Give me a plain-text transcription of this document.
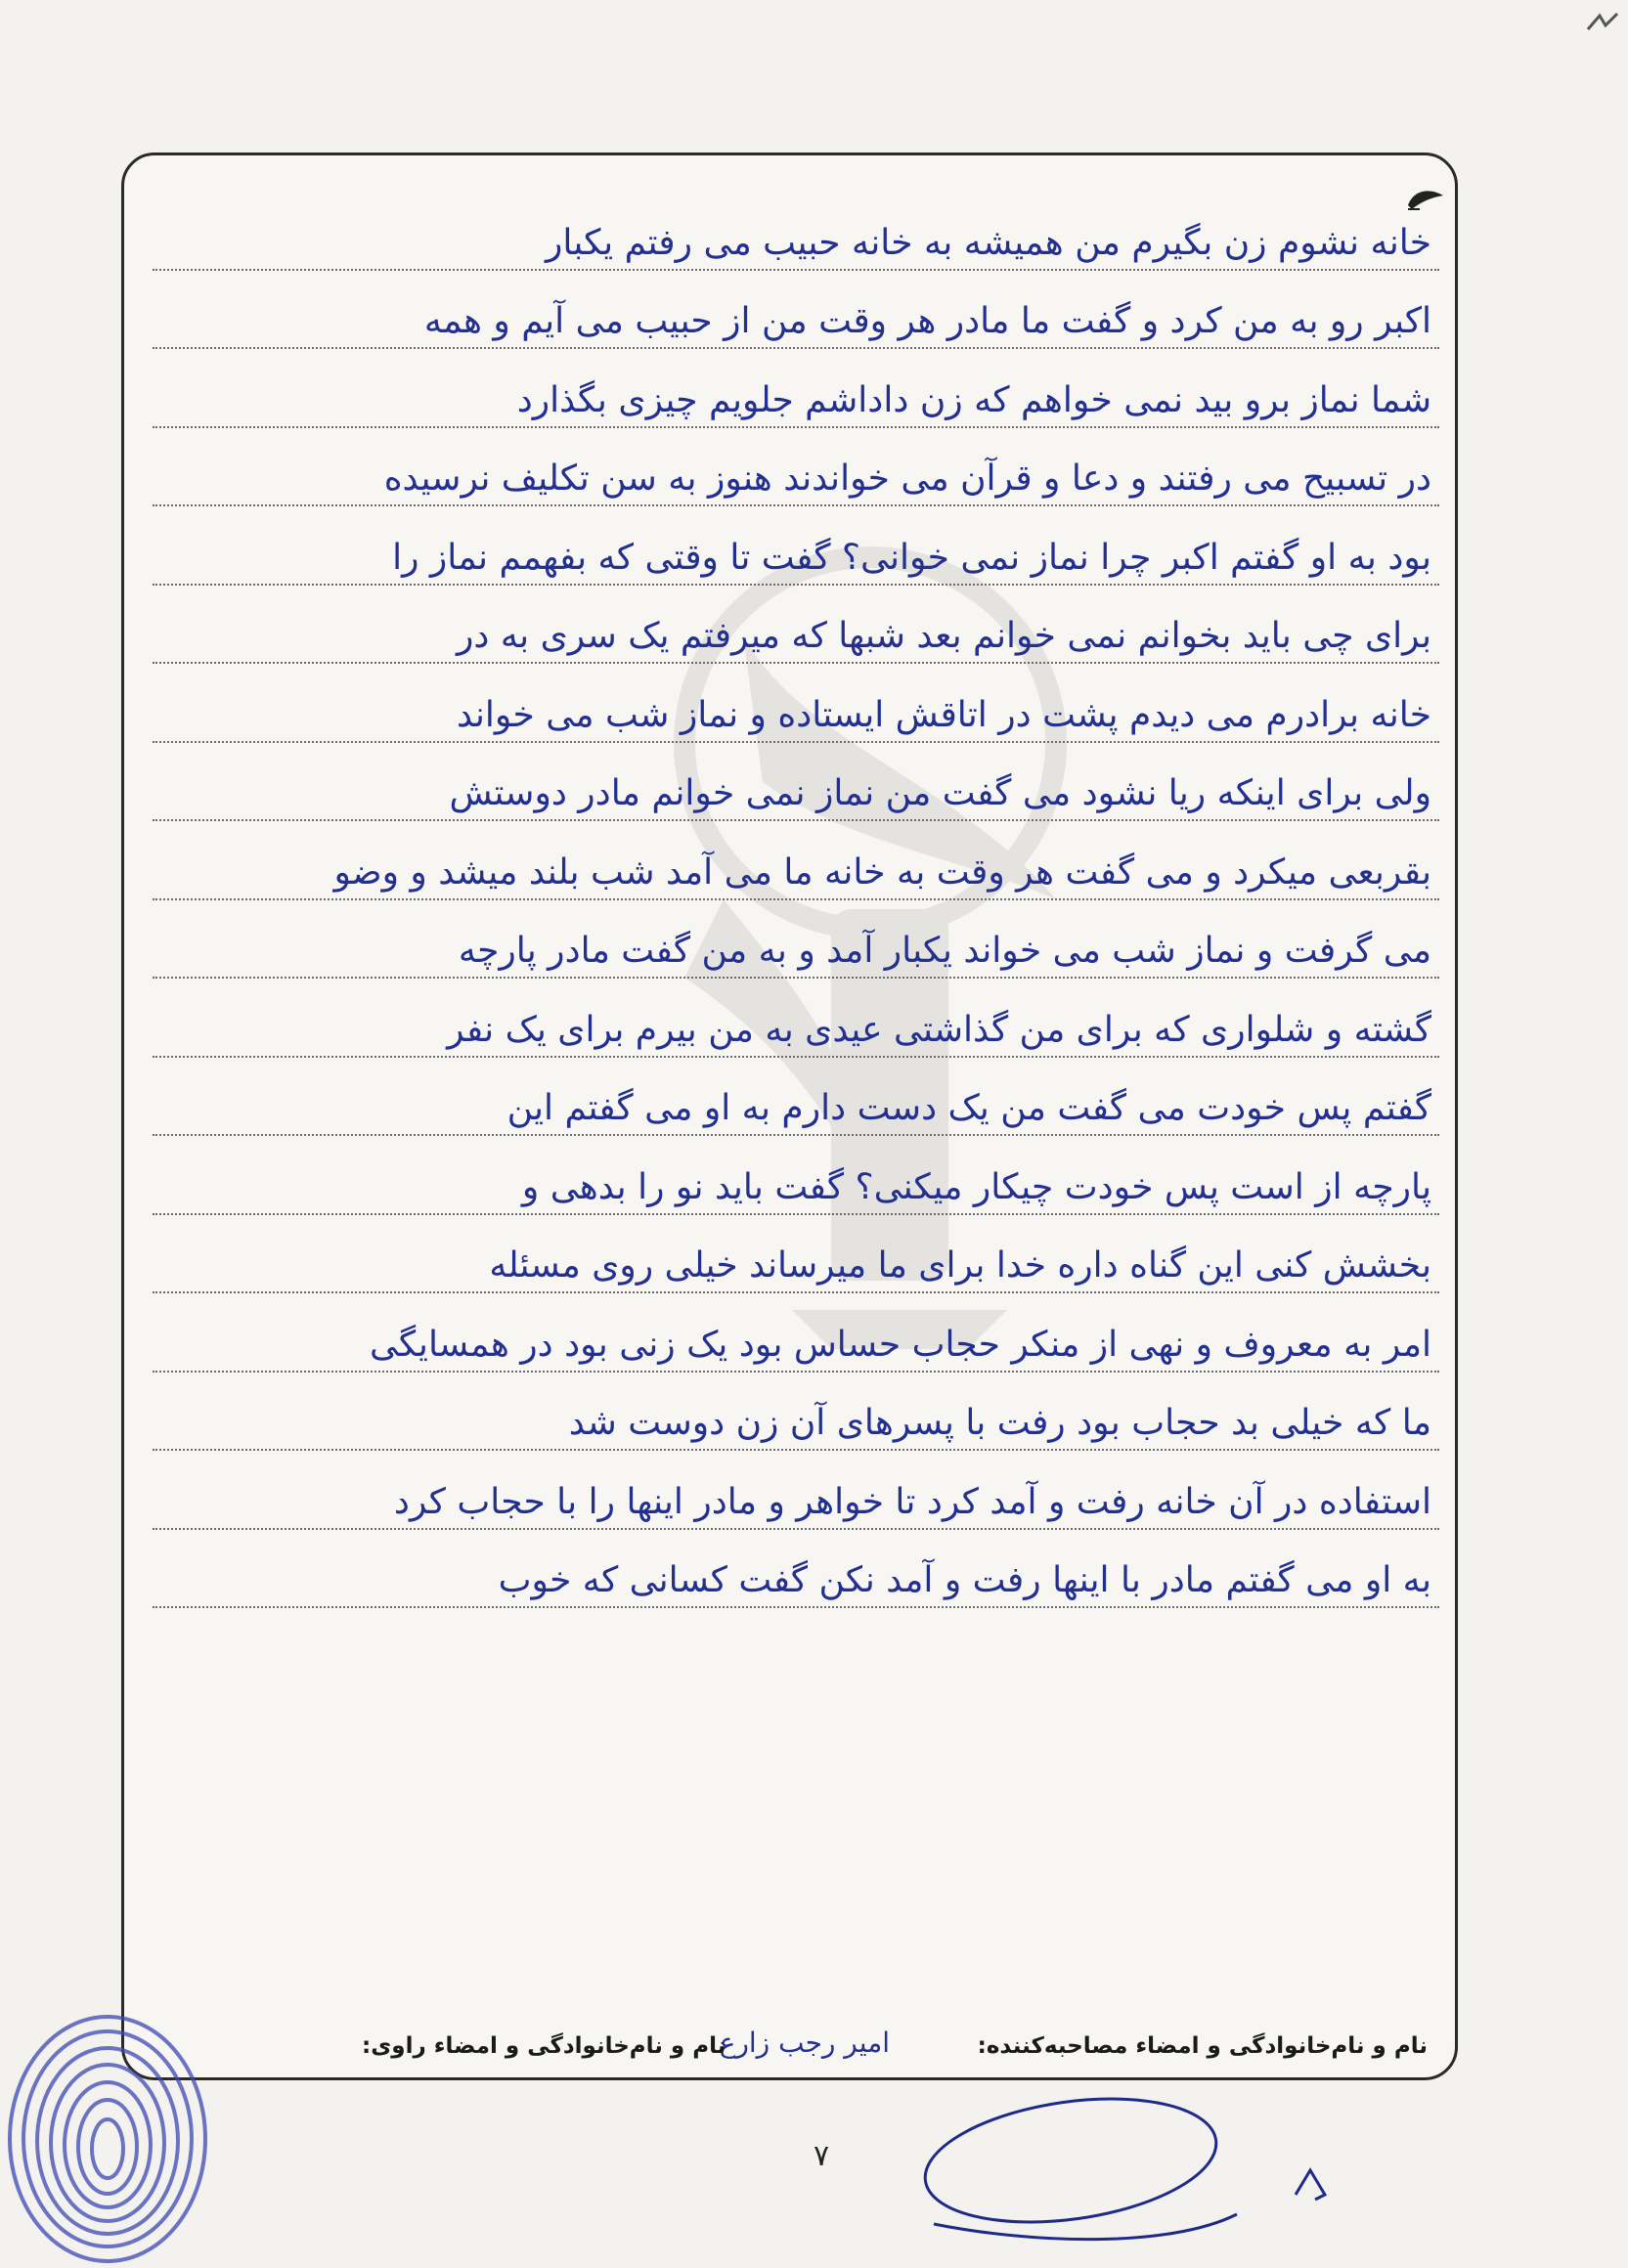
خانه نشوم زن بگیرم من همیشه به خانه حبیب می رفتم یکبار
اکبر رو به من کرد و گفت ما مادر هر وقت من از حبیب می آیم و همه
شما نماز برو بید نمی خواهم که زن داداشم جلویم چیزی بگذارد
در تسبیح می رفتند و دعا و قرآن می خواندند هنوز به سن تکلیف نرسیده
بود به او گفتم اکبر چرا نماز نمی خوانی؟ گفت تا وقتی که بفهمم نماز را
برای چی باید بخوانم نمی خوانم بعد شبها که میرفتم یک سری به در
خانه برادرم می دیدم پشت در اتاقش ایستاده و نماز شب می خواند
ولی برای اینکه ریا نشود می گفت من نماز نمی خوانم مادر دوستش
بقربعی میکرد و می گفت هر وقت به خانه ما می آمد شب بلند میشد و وضو
می گرفت و نماز شب می خواند یکبار آمد و به من گفت مادر پارچه
گشته و شلواری که برای من گذاشتی عیدی به من بیرم برای یک نفر
گفتم پس خودت می گفت من یک دست دارم به او می گفتم این
پارچه از است پس خودت چیکار میکنی؟ گفت باید نو را بدهی و
بخشش کنی این گناه داره خدا برای ما میرساند خیلی روی مسئله
امر به معروف و نهی از منکر حجاب حساس بود یک زنی بود در همسایگی
ما که خیلی بد حجاب بود رفت با پسرهای آن زن دوست شد
استفاده در آن خانه رفت و آمد کرد تا خواهر و مادر اینها را با حجاب کرد
به او می گفتم مادر با اینها رفت و آمد نکن گفت کسانی که خوب
نام و نام‌خانوادگی و امضاء مصاحبه‌کننده:
امیر رجب زارع
نام و نام‌خانوادگی و امضاء راوی:
۷
